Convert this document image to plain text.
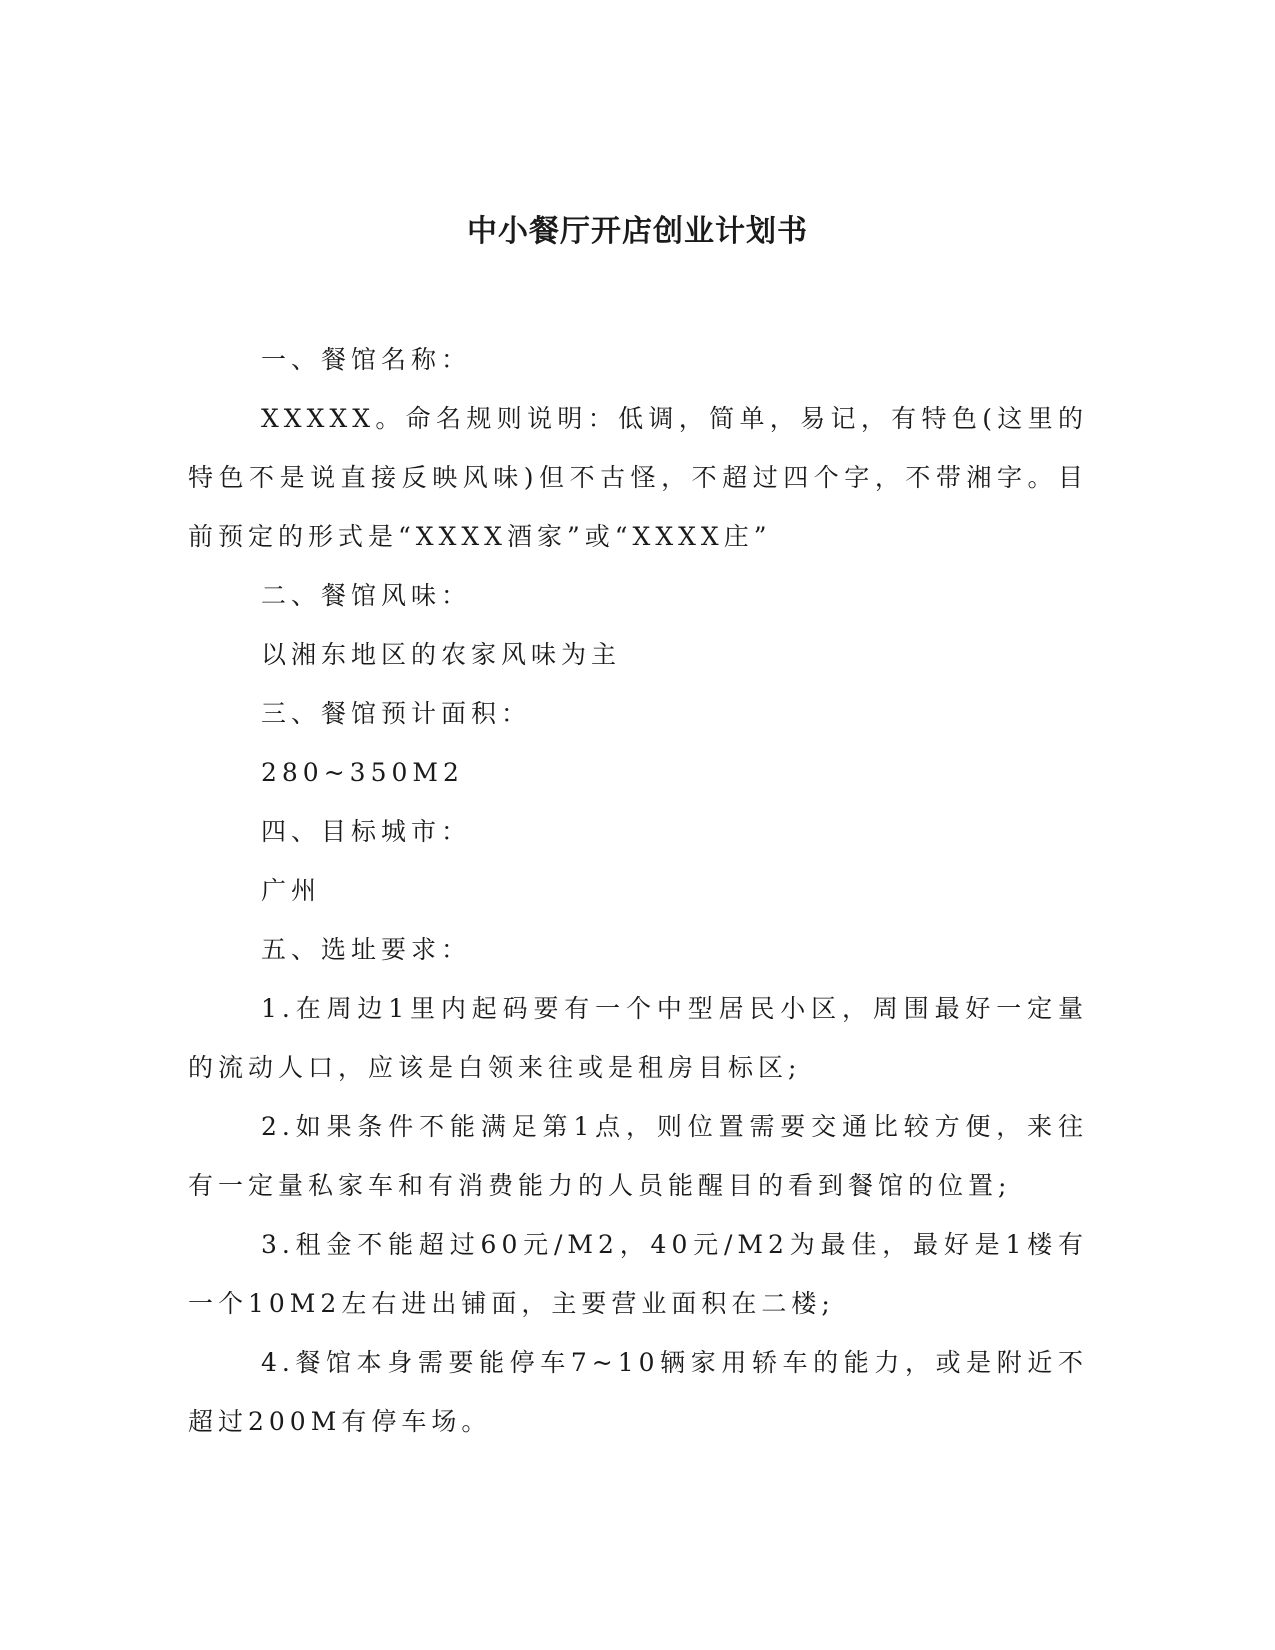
中小餐厅开店创业计划书

一、餐馆名称：

XXXXX。命名规则说明：低调，简单，易记，有特色(这里的特色不是说直接反映风味)但不古怪，不超过四个字，不带湘字。目前预定的形式是“XXXX酒家”或“XXXX庄”

二、餐馆风味：

以湘东地区的农家风味为主

三、餐馆预计面积：

280~350M2

四、目标城市：

广州

五、选址要求：

1.在周边1里内起码要有一个中型居民小区，周围最好一定量的流动人口，应该是白领来往或是租房目标区;

2.如果条件不能满足第1点，则位置需要交通比较方便，来往有一定量私家车和有消费能力的人员能醒目的看到餐馆的位置;

3.租金不能超过60元/M2，40元/M2为最佳，最好是1楼有一个10M2左右进出铺面，主要营业面积在二楼;

4.餐馆本身需要能停车7~10辆家用轿车的能力，或是附近不超过200M有停车场。
